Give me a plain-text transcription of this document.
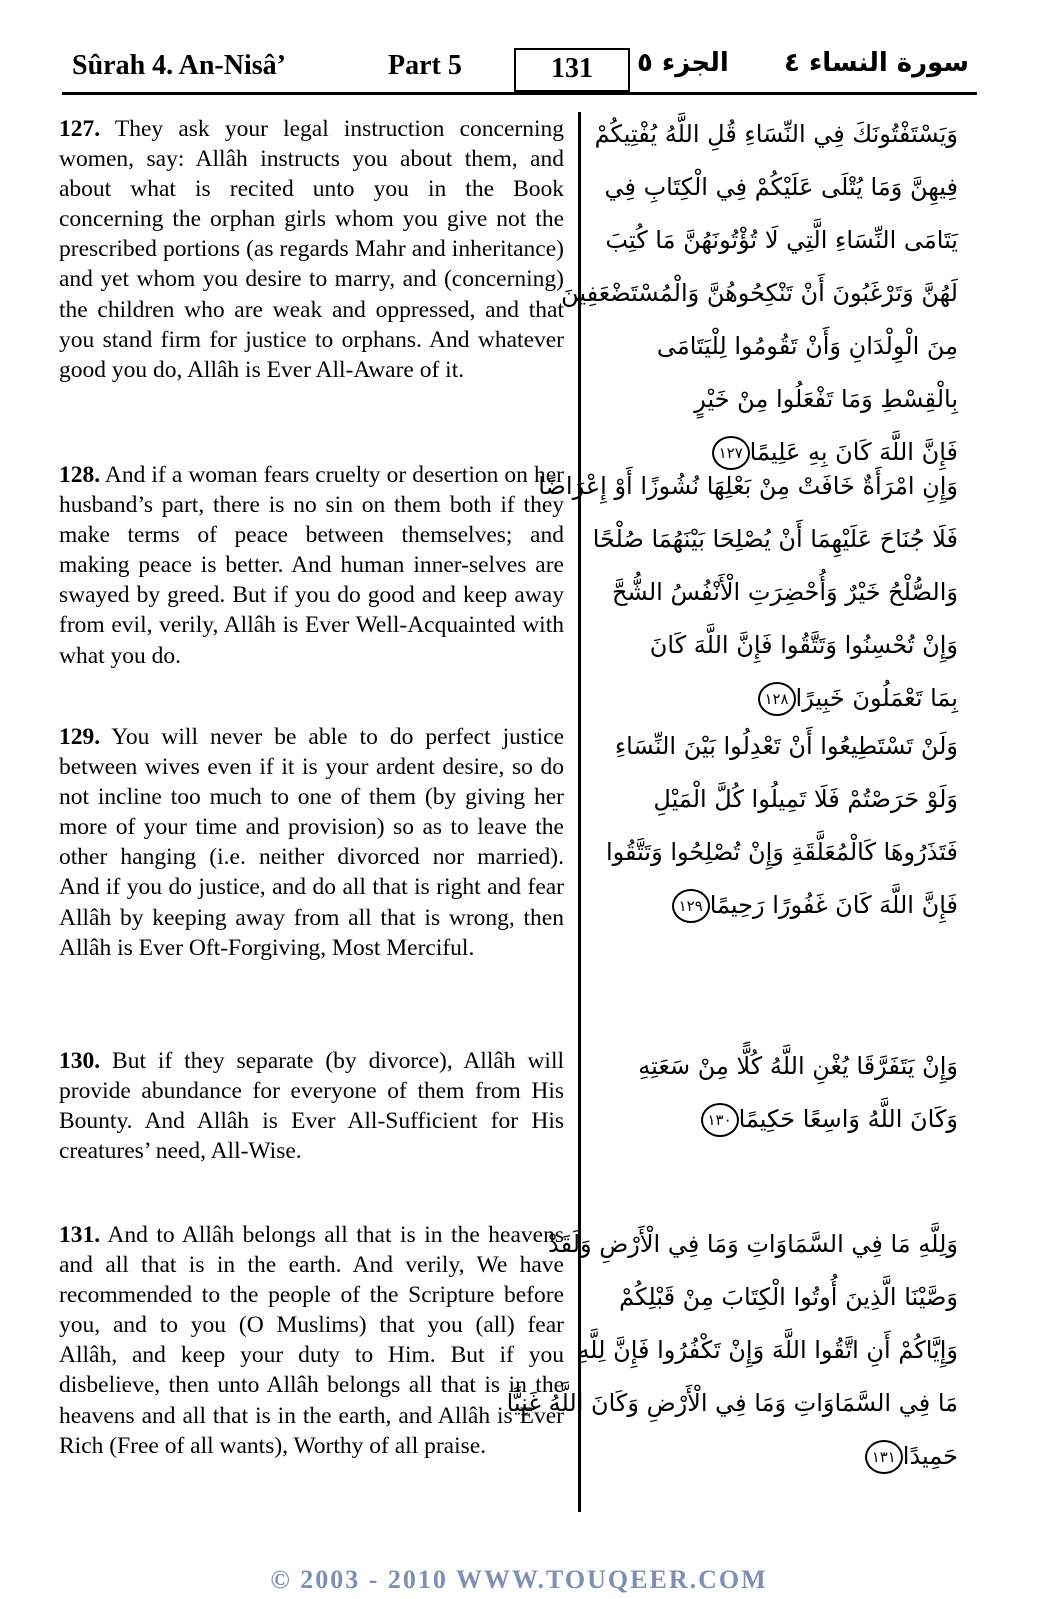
Sûrah 4. An-Nisâ’	Part 5	131	الجزء ٥ سورة النساء ٤

127. They ask your legal instruction concerning women, say: Allâh instructs you about them, and about what is recited unto you in the Book concerning the orphan girls whom you give not the prescribed portions (as regards Mahr and inheritance) and yet whom you desire to marry, and (concerning) the children who are weak and oppressed, and that you stand firm for justice to orphans. And whatever good you do, Allâh is Ever All-Aware of it.

128. And if a woman fears cruelty or desertion on her husband’s part, there is no sin on them both if they make terms of peace between themselves; and making peace is better. And human inner-selves are swayed by greed. But if you do good and keep away from evil, verily, Allâh is Ever Well-Acquainted with what you do.

129. You will never be able to do perfect justice between wives even if it is your ardent desire, so do not incline too much to one of them (by giving her more of your time and provision) so as to leave the other hanging (i.e. neither divorced nor married). And if you do justice, and do all that is right and fear Allâh by keeping away from all that is wrong, then Allâh is Ever Oft-Forgiving, Most Merciful.

130. But if they separate (by divorce), Allâh will provide abundance for everyone of them from His Bounty. And Allâh is Ever All-Sufficient for His creatures’ need, All-Wise.

131. And to Allâh belongs all that is in the heavens and all that is in the earth. And verily, We have recommended to the people of the Scripture before you, and to you (O Muslims) that you (all) fear Allâh, and keep your duty to Him. But if you disbelieve, then unto Allâh belongs all that is in the heavens and all that is in the earth, and Allâh is Ever Rich (Free of all wants), Worthy of all praise.

وَيَسْتَفْتُونَكَ فِي النِّسَاءِ قُلِ اللَّهُ يُفْتِيكُمْ
فِيهِنَّ وَمَا يُتْلَى عَلَيْكُمْ فِي الْكِتَابِ فِي
يَتَامَى النِّسَاءِ الَّتِي لَا تُؤْتُونَهُنَّ مَا كُتِبَ
لَهُنَّ وَتَرْغَبُونَ أَنْ تَنْكِحُوهُنَّ وَالْمُسْتَضْعَفِينَ
مِنَ الْوِلْدَانِ وَأَنْ تَقُومُوا لِلْيَتَامَى
بِالْقِسْطِ وَمَا تَفْعَلُوا مِنْ خَيْرٍ
فَإِنَّ اللَّهَ كَانَ بِهِ عَلِيمًا١٢٧
وَإِنِ امْرَأَةٌ خَافَتْ مِنْ بَعْلِهَا نُشُوزًا أَوْ إِعْرَاضًا
فَلَا جُنَاحَ عَلَيْهِمَا أَنْ يُصْلِحَا بَيْنَهُمَا صُلْحًا
وَالصُّلْحُ خَيْرٌ وَأُحْضِرَتِ الْأَنْفُسُ الشُّحَّ
وَإِنْ تُحْسِنُوا وَتَتَّقُوا فَإِنَّ اللَّهَ كَانَ
بِمَا تَعْمَلُونَ خَبِيرًا١٢٨
وَلَنْ تَسْتَطِيعُوا أَنْ تَعْدِلُوا بَيْنَ النِّسَاءِ
وَلَوْ حَرَصْتُمْ فَلَا تَمِيلُوا كُلَّ الْمَيْلِ
فَتَذَرُوهَا كَالْمُعَلَّقَةِ وَإِنْ تُصْلِحُوا وَتَتَّقُوا
فَإِنَّ اللَّهَ كَانَ غَفُورًا رَحِيمًا١٢٩
وَإِنْ يَتَفَرَّقَا يُغْنِ اللَّهُ كُلًّا مِنْ سَعَتِهِ
وَكَانَ اللَّهُ وَاسِعًا حَكِيمًا١٣٠
وَلِلَّهِ مَا فِي السَّمَاوَاتِ وَمَا فِي الْأَرْضِ وَلَقَدْ
وَصَّيْنَا الَّذِينَ أُوتُوا الْكِتَابَ مِنْ قَبْلِكُمْ
وَإِيَّاكُمْ أَنِ اتَّقُوا اللَّهَ وَإِنْ تَكْفُرُوا فَإِنَّ لِلَّهِ
مَا فِي السَّمَاوَاتِ وَمَا فِي الْأَرْضِ وَكَانَ اللَّهُ غَنِيًّا
حَمِيدًا١٣١
© 2003 - 2010 WWW.TOUQEER.COM
